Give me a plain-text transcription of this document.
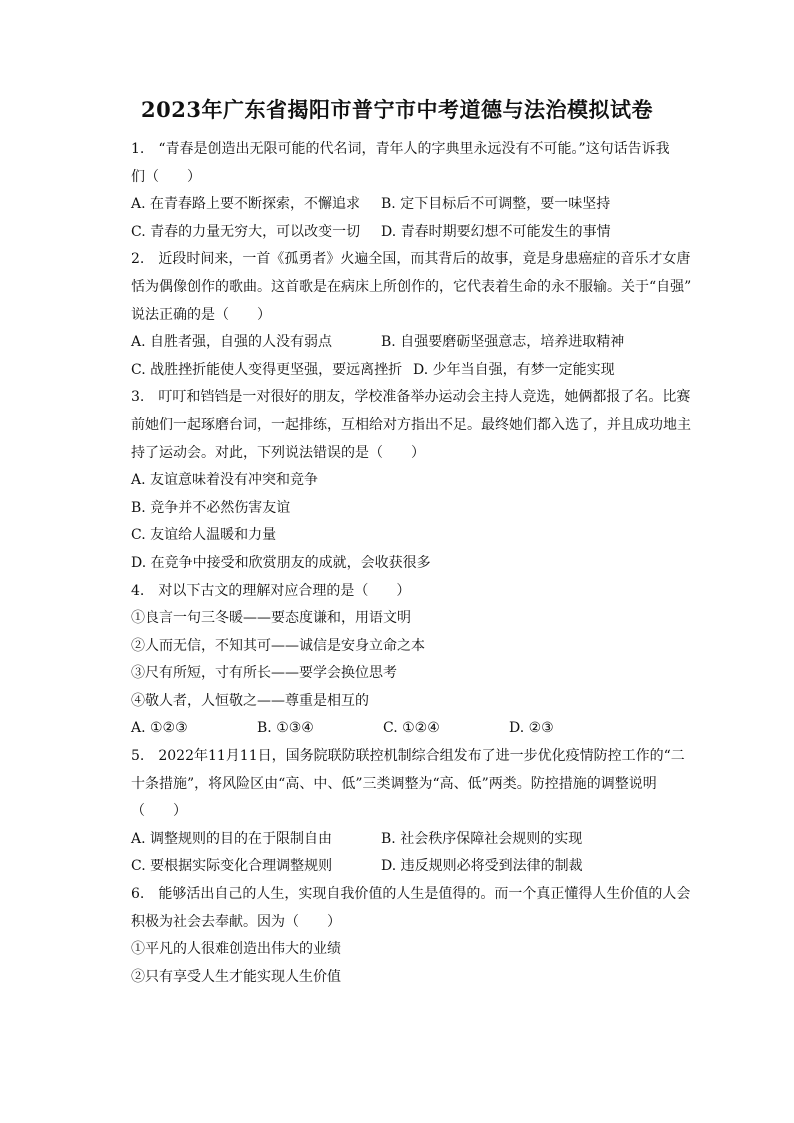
2023年广东省揭阳市普宁市中考道德与法治模拟试卷
1.　“青春是创造出无限可能的代名词，青年人的字典里永远没有不可能。”这句话告诉我
们（　　）
A. 在青春路上要不断探索，不懈追求	B. 定下目标后不可调整，要一味坚持
C. 青春的力量无穷大，可以改变一切	D. 青春时期要幻想不可能发生的事情
2.　近段时间来，一首《孤勇者》火遍全国，而其背后的故事，竟是身患癌症的音乐才女唐
恬为偶像创作的歌曲。这首歌是在病床上所创作的，它代表着生命的永不服输。关于“自强”
说法正确的是（　　）
A. 自胜者强，自强的人没有弱点	B. 自强要磨砺坚强意志，培养进取精神
C. 战胜挫折能使人变得更坚强，要远离挫折 D. 少年当自强，有梦一定能实现
3.　叮叮和铛铛是一对很好的朋友，学校准备举办运动会主持人竞选，她俩都报了名。比赛
前她们一起琢磨台词，一起排练，互相给对方指出不足。最终她们都入选了，并且成功地主
持了运动会。对此，下列说法错误的是（　　）
A. 友谊意味着没有冲突和竞争
B. 竞争并不必然伤害友谊
C. 友谊给人温暖和力量
D. 在竞争中接受和欣赏朋友的成就，会收获很多
4.　对以下古文的理解对应合理的是（　　）
①良言一句三冬暖——要态度谦和，用语文明
②人而无信，不知其可——诚信是安身立命之本
③尺有所短，寸有所长——要学会换位思考
④敬人者，人恒敬之——尊重是相互的
A. ①②③	B. ①③④	C. ①②④	D. ②③
5.　2022年11月11日，国务院联防联控机制综合组发布了进一步优化疫情防控工作的“二
十条措施”，将风险区由“高、中、低”三类调整为“高、低”两类。防控措施的调整说明
（　　）
A. 调整规则的目的在于限制自由	B. 社会秩序保障社会规则的实现
C. 要根据实际变化合理调整规则	D. 违反规则必将受到法律的制裁
6.　能够活出自己的人生，实现自我价值的人生是值得的。而一个真正懂得人生价值的人会
积极为社会去奉献。因为（　　）
①平凡的人很难创造出伟大的业绩
②只有享受人生才能实现人生价值
